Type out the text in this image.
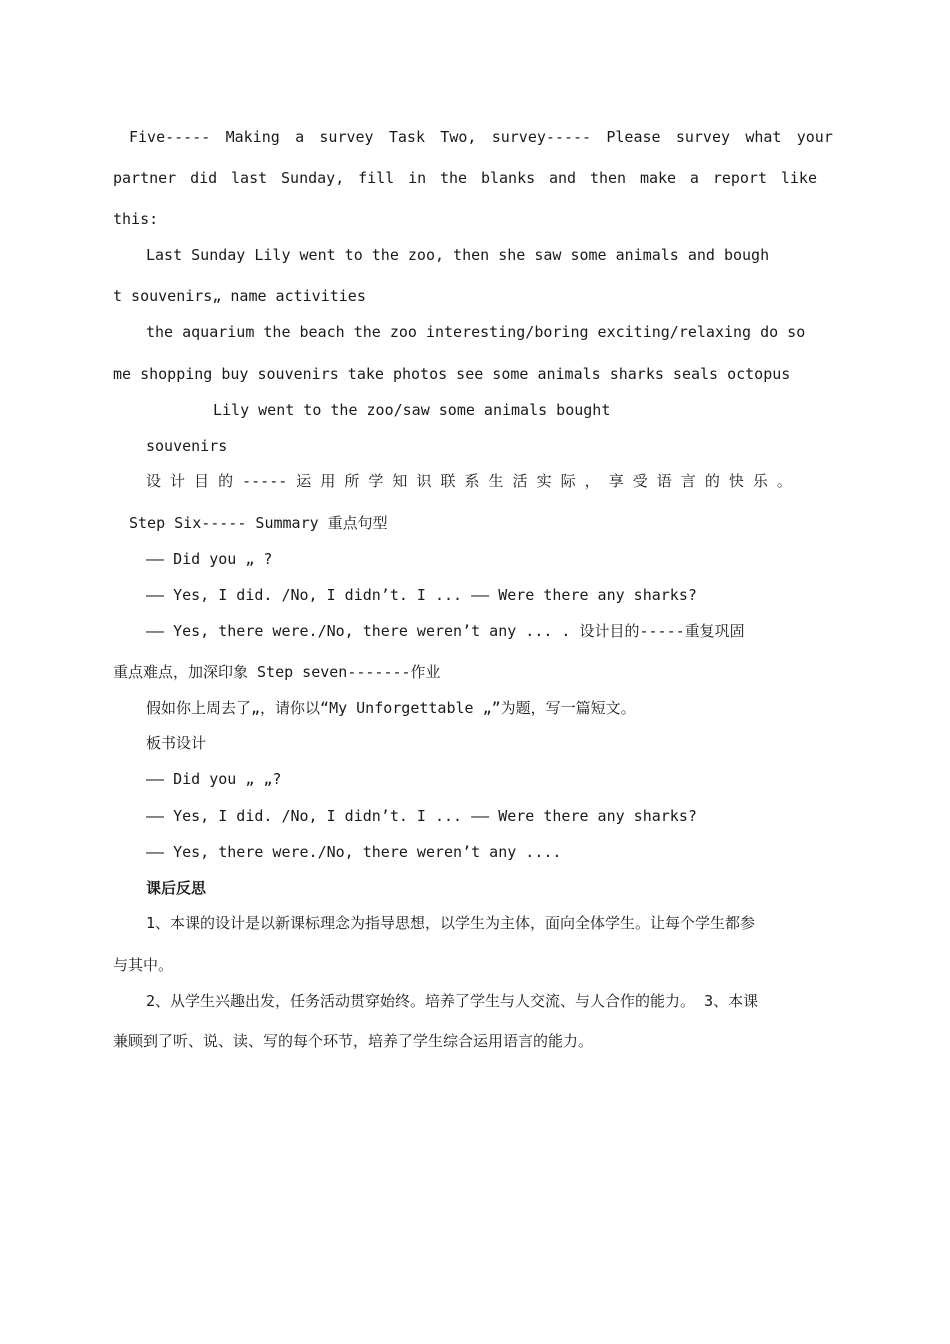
Five----- Making a survey Task Two, survey----- Please survey what your
partner did last Sunday, fill in the blanks and then make a report like
this:
Last Sunday Lily went to the zoo, then she saw some animals and bough
t souvenirs„ name activities
the aquarium the beach the zoo interesting/boring exciting/relaxing do so
me shopping buy souvenirs take photos see some animals sharks seals octopus
Lily went to the zoo/saw some animals bought
souvenirs
设 计 目 的 ----- 运 用 所 学 知 识 联 系 生 活 实 际 ， 享 受 语 言 的 快 乐 。
Step Six----- Summary 重点句型
—— Did you „ ?
—— Yes, I did. /No, I didn’t. I ... —— Were there any sharks?
—— Yes, there were./No, there weren’t any ... . 设计目的-----重复巩固
重点难点，加深印象 Step seven-------作业
假如你上周去了„，请你以“My Unforgettable „”为题，写一篇短文。
板书设计
—— Did you „ „?
—— Yes, I did. /No, I didn’t. I ... —— Were there any sharks?
—— Yes, there were./No, there weren’t any ....
课后反思
1、本课的设计是以新课标理念为指导思想，以学生为主体，面向全体学生。让每个学生都参
与其中。
2、从学生兴趣出发，任务活动贯穿始终。培养了学生与人交流、与人合作的能力。 3、本课
兼顾到了听、说、读、写的每个环节，培养了学生综合运用语言的能力。
